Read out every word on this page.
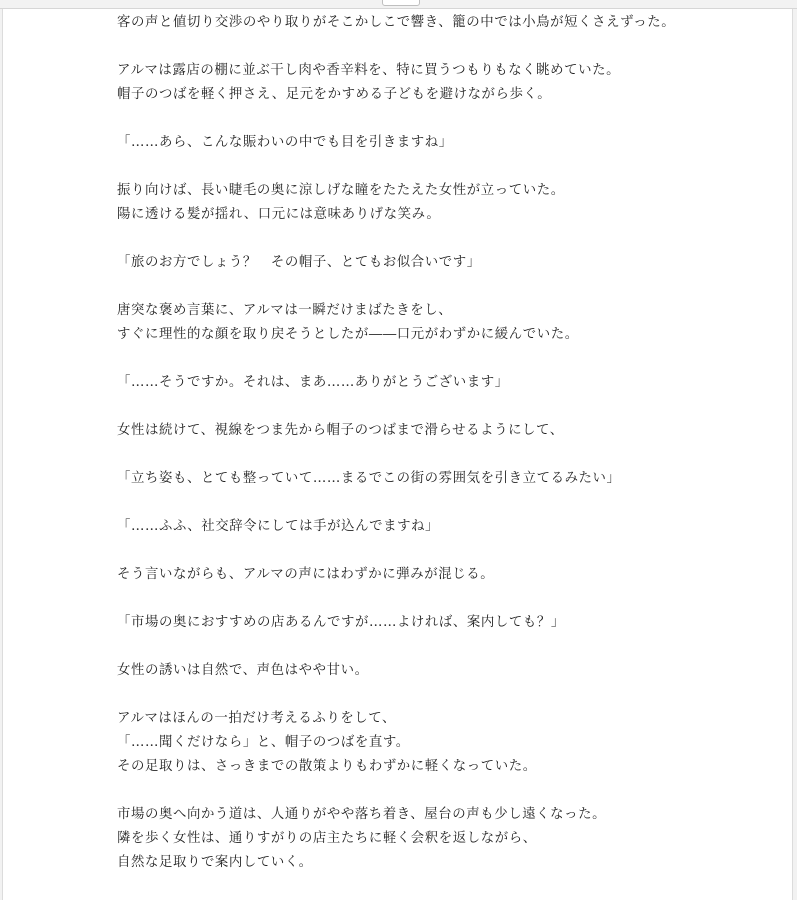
客の声と値切り交渉のやり取りがそこかしこで響き、籠の中では小鳥が短くさえずった。
アルマは露店の棚に並ぶ干し肉や香辛料を、特に買うつもりもなく眺めていた。
帽子のつばを軽く押さえ、足元をかすめる子どもを避けながら歩く。
「……あら、こんな賑わいの中でも目を引きますね」
振り向けば、長い睫毛の奥に涼しげな瞳をたたえた女性が立っていた。
陽に透ける髪が揺れ、口元には意味ありげな笑み。
「旅のお方でしょう？　その帽子、とてもお似合いです」
唐突な褒め言葉に、アルマは一瞬だけまばたきをし、
すぐに理性的な顔を取り戻そうとしたが――口元がわずかに緩んでいた。
「……そうですか。それは、まあ……ありがとうございます」
女性は続けて、視線をつま先から帽子のつばまで滑らせるようにして、
「立ち姿も、とても整っていて……まるでこの街の雰囲気を引き立てるみたい」
「……ふふ、社交辞令にしては手が込んでますね」
そう言いながらも、アルマの声にはわずかに弾みが混じる。
「市場の奥におすすめの店あるんですが……よければ、案内しても？」
女性の誘いは自然で、声色はやや甘い。
アルマはほんの一拍だけ考えるふりをして、
「……聞くだけなら」と、帽子のつばを直す。
その足取りは、さっきまでの散策よりもわずかに軽くなっていた。
市場の奥へ向かう道は、人通りがやや落ち着き、屋台の声も少し遠くなった。
隣を歩く女性は、通りすがりの店主たちに軽く会釈を返しながら、
自然な足取りで案内していく。
